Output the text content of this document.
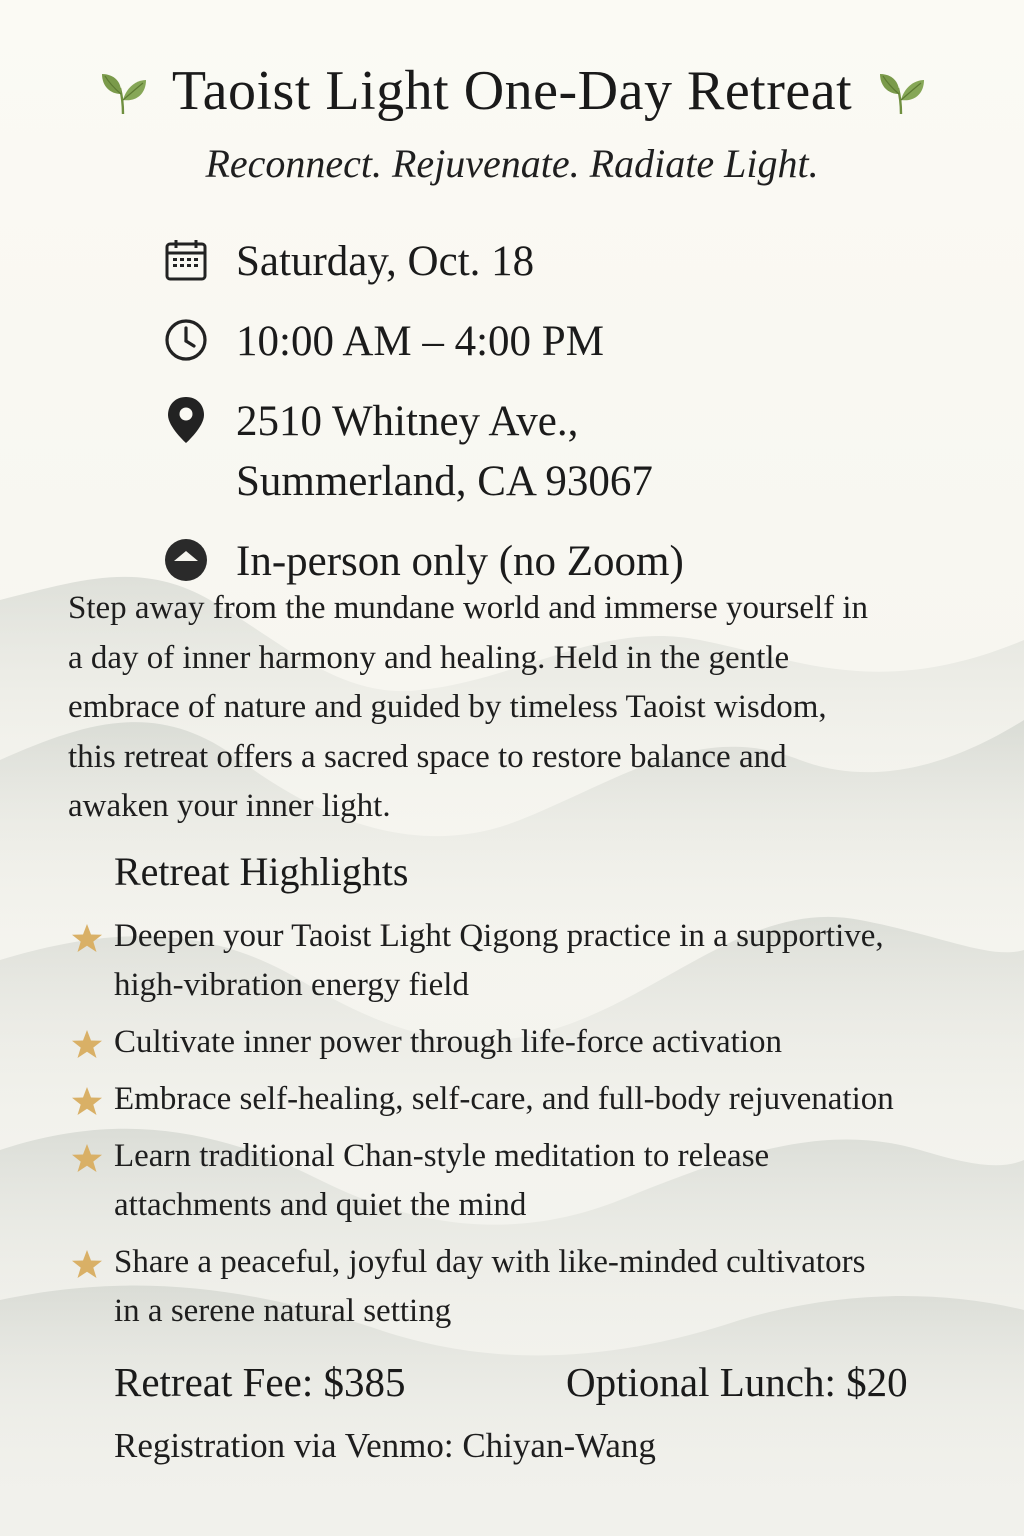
Taoist Light One-Day Retreat
Reconnect. Rejuvenate. Radiate Light.
Saturday, Oct. 18
10:00 AM – 4:00 PM
2510 Whitney Ave.,
Summerland, CA 93067
In-person only (no Zoom)
Step away from the mundane world and immerse yourself in
a day of inner harmony and healing. Held in the gentle
embrace of nature and guided by timeless Taoist wisdom,
this retreat offers a sacred space to restore balance and
awaken your inner light.
Retreat Highlights
Deepen your Taoist Light Qigong practice in a supportive,
high-vibration energy field
Cultivate inner power through life-force activation
Embrace self-healing, self-care, and full-body rejuvenation
Learn traditional Chan-style meditation to release
attachments and quiet the mind
Share a peaceful, joyful day with like-minded cultivators
in a serene natural setting
Retreat Fee: $385	Optional Lunch: $20
Registration via Venmo: Chiyan-Wang
